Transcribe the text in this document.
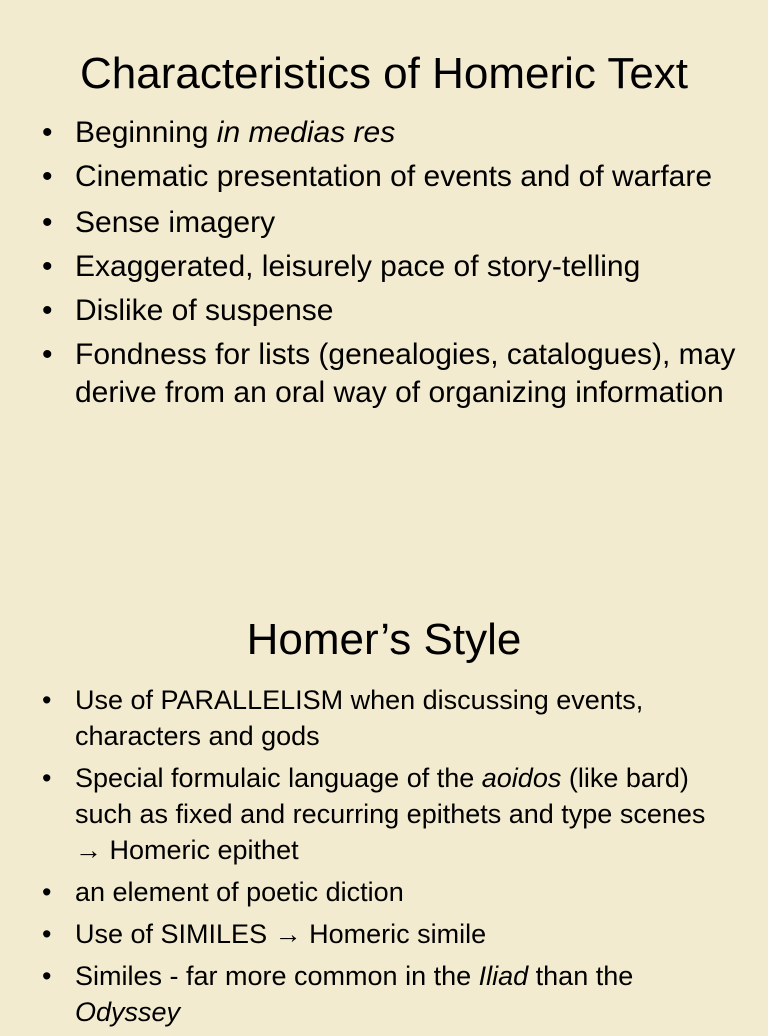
Characteristics of Homeric Text
• Beginning in medias res
• Cinematic presentation of events and of warfare
• Sense imagery
• Exaggerated, leisurely pace of story-telling
• Dislike of suspense
• Fondness for lists (genealogies, catalogues), may derive from an oral way of organizing information
Homer’s Style
• Use of PARALLELISM when discussing events, characters and gods
• Special formulaic language of the aoidos (like bard) such as fixed and recurring epithets and type scenes → Homeric epithet
• an element of poetic diction
• Use of SIMILES → Homeric simile
• Similes - far more common in the Iliad than the Odyssey
